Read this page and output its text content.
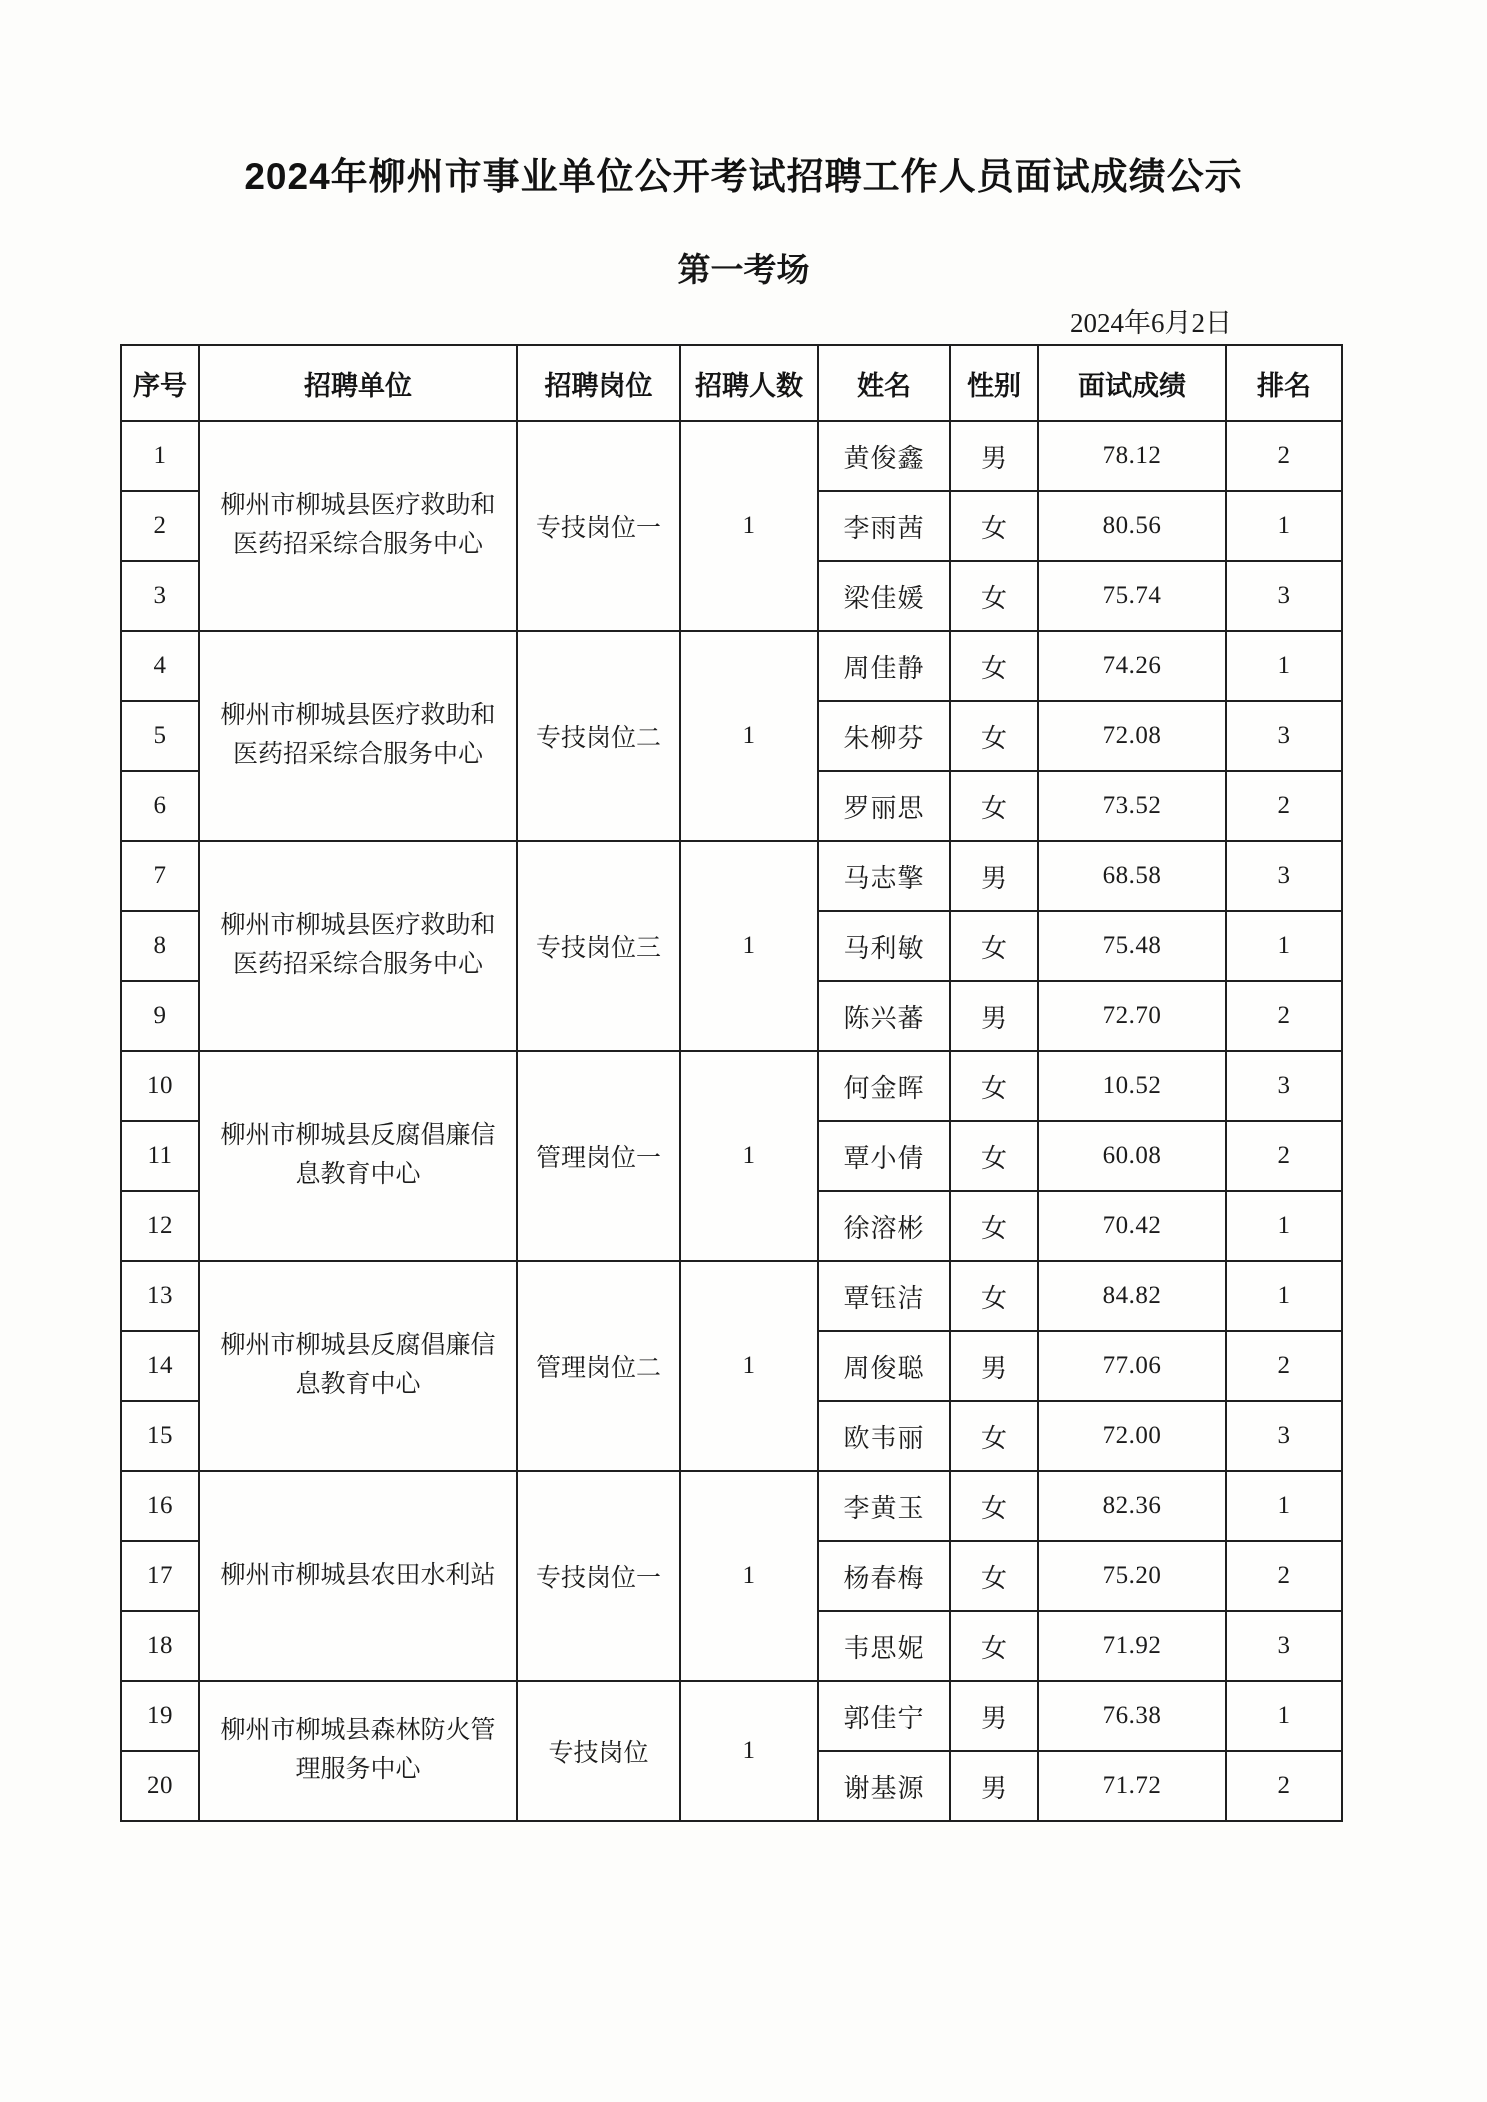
2024年柳州市事业单位公开考试招聘工作人员面试成绩公示
第一考场
2024年6月2日
序号	招聘单位	招聘岗位	招聘人数	姓名	性别	面试成绩	排名
1	柳州市柳城县医疗救助和医药招采综合服务中心	专技岗位一	1	黄俊鑫	男	78.12	2
2				李雨茜	女	80.56	1
3				梁佳媛	女	75.74	3
4	柳州市柳城县医疗救助和医药招采综合服务中心	专技岗位二	1	周佳静	女	74.26	1
5				朱柳芬	女	72.08	3
6				罗丽思	女	73.52	2
7	柳州市柳城县医疗救助和医药招采综合服务中心	专技岗位三	1	马志擎	男	68.58	3
8				马利敏	女	75.48	1
9				陈兴蕃	男	72.70	2
10	柳州市柳城县反腐倡廉信息教育中心	管理岗位一	1	何金晖	女	10.52	3
11				覃小倩	女	60.08	2
12				徐溶彬	女	70.42	1
13	柳州市柳城县反腐倡廉信息教育中心	管理岗位二	1	覃钰洁	女	84.82	1
14				周俊聪	男	77.06	2
15				欧韦丽	女	72.00	3
16	柳州市柳城县农田水利站	专技岗位一	1	李黄玉	女	82.36	1
17				杨春梅	女	75.20	2
18				韦思妮	女	71.92	3
19	柳州市柳城县森林防火管理服务中心	专技岗位	1	郭佳宁	男	76.38	1
20				谢基源	男	71.72	2
